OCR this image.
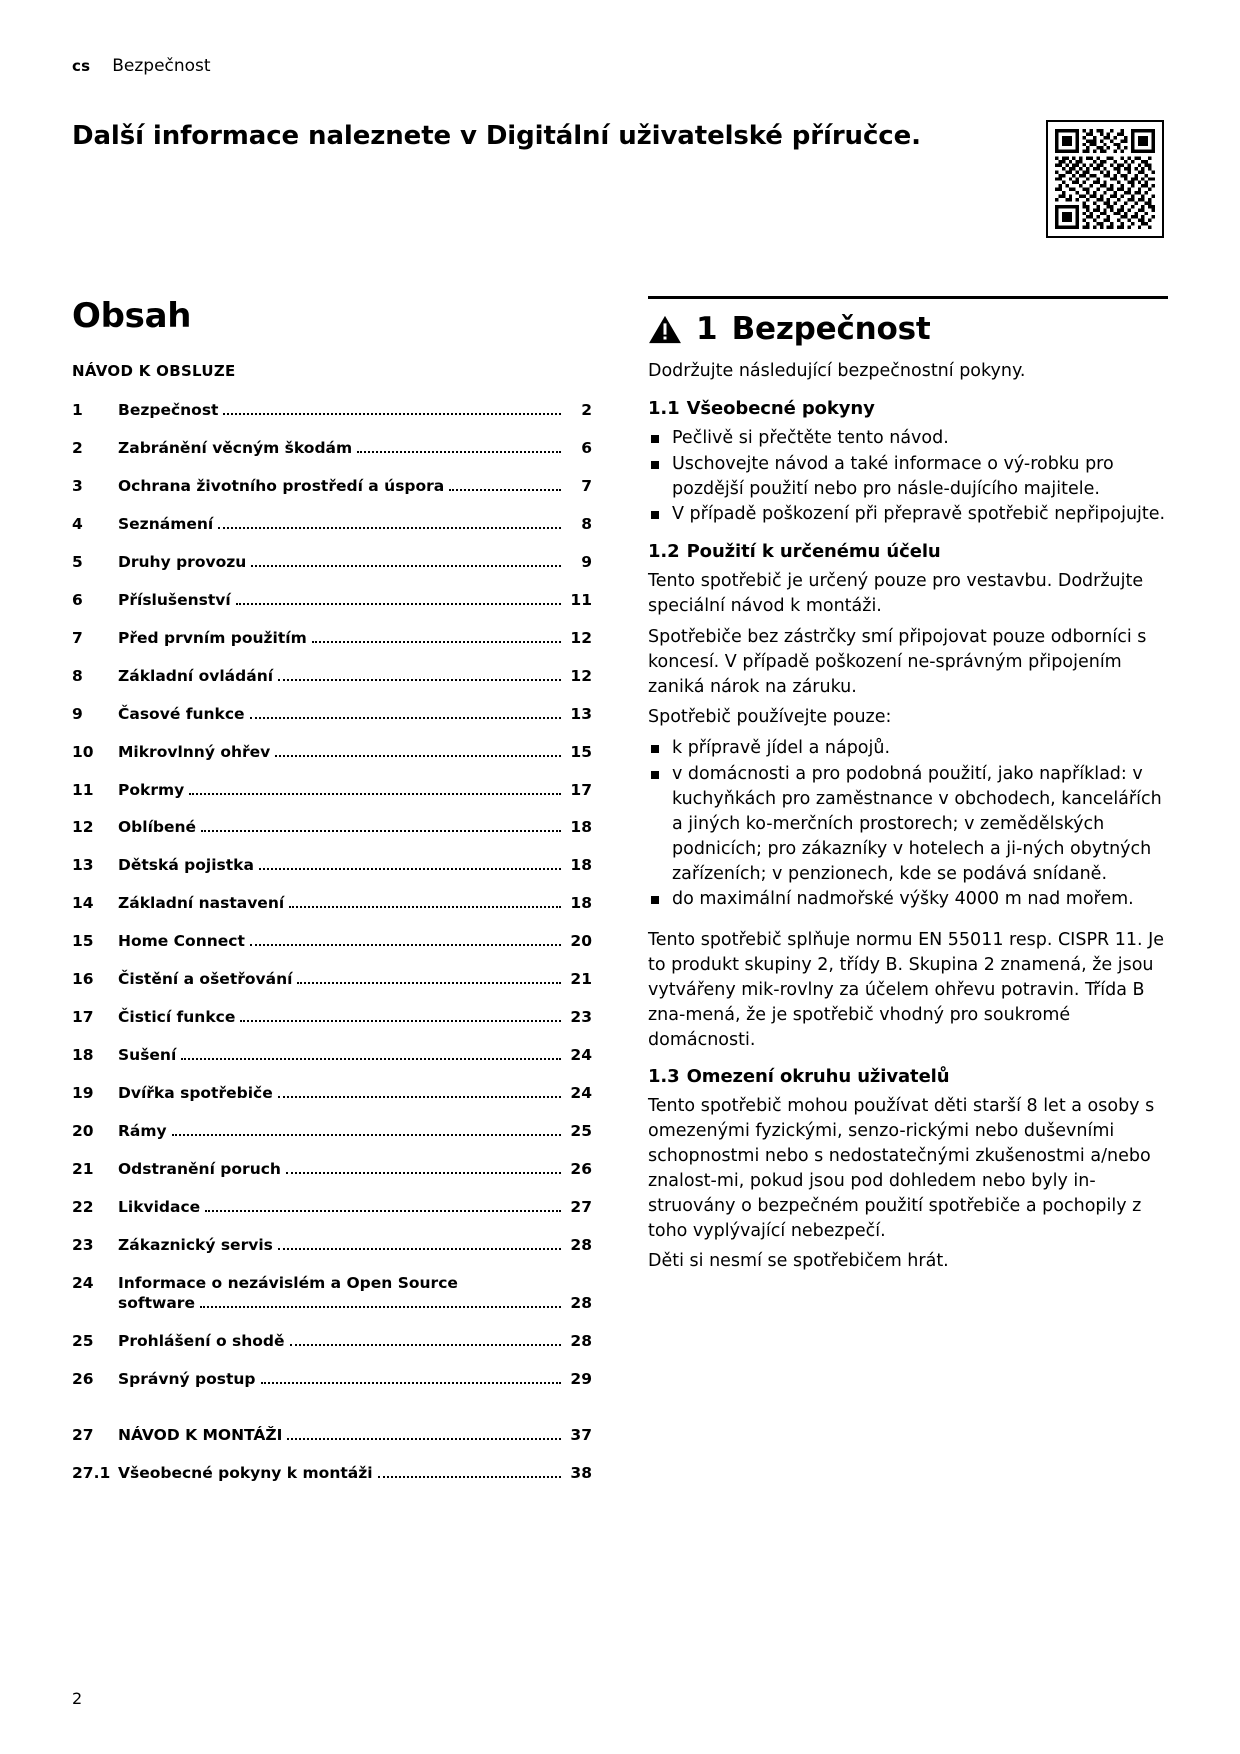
cs Bezpečnost
Další informace naleznete v Digitální uživatelské příručce.
Obsah
NÁVOD K OBSLUZE
1	Bezpečnost	2
2	Zabránění věcným škodám	6
3	Ochrana životního prostředí a úspora	7
4	Seznámení	8
5	Druhy provozu	9
6	Příslušenství	11
7	Před prvním použitím	12
8	Základní ovládání	12
9	Časové funkce	13
10	Mikrovlnný ohřev	15
11	Pokrmy	17
12	Oblíbené	18
13	Dětská pojistka	18
14	Základní nastavení	18
15	Home Connect	20
16	Čistění a ošetřování	21
17	Čisticí funkce	23
18	Sušení	24
19	Dvířka spotřebiče	24
20	Rámy	25
21	Odstranění poruch	26
22	Likvidace	27
23	Zákaznický servis	28
24	Informace o nezávislém a Open Source
software	28
25	Prohlášení o shodě	28
26	Správný postup	29
27	NÁVOD K MONTÁŽI	37
27.1 Všeobecné pokyny k montáži	38
1 Bezpečnost

Dodržujte následující bezpečnostní pokyny.

1.1 Všeobecné pokyny
Pečlivě si přečtěte tento návod.
Uschovejte návod a také informace o vý-robku pro pozdější použití nebo pro násle-dujícího majitele.
V případě poškození při přepravě spotřebič nepřipojujte.
1.2 Použití k určenému účelu

Tento spotřebič je určený pouze pro vestavbu. Dodržujte speciální návod k montáži.

Spotřebiče bez zástrčky smí připojovat pouze odborníci s koncesí. V případě poškození ne-správným připojením zaniká nárok na záruku.

Spotřebič používejte pouze:

k přípravě jídel a nápojů.
v domácnosti a pro podobná použití, jako například: v kuchyňkách pro zaměstnance v obchodech, kancelářích a jiných ko-merčních prostorech; v zemědělských podnicích; pro zákazníky v hotelech a ji-ných obytných zařízeních; v penzionech, kde se podává snídaně.
do maximální nadmořské výšky 4000 m nad mořem.

Tento spotřebič splňuje normu EN 55011 resp. CISPR 11. Je to produkt skupiny 2, třídy B. Skupina 2 znamená, že jsou vytvářeny mik-rovlny za účelem ohřevu potravin. Třída B zna-mená, že je spotřebič vhodný pro soukromé domácnosti.

1.3 Omezení okruhu uživatelů

Tento spotřebič mohou používat děti starší 8 let a osoby s omezenými fyzickými, senzo-rickými nebo duševními schopnostmi nebo s nedostatečnými zkušenostmi a/nebo znalost-mi, pokud jsou pod dohledem nebo byly in-struovány o bezpečném použití spotřebiče a pochopily z toho vyplývající nebezpečí.

Děti si nesmí se spotřebičem hrát.

2
